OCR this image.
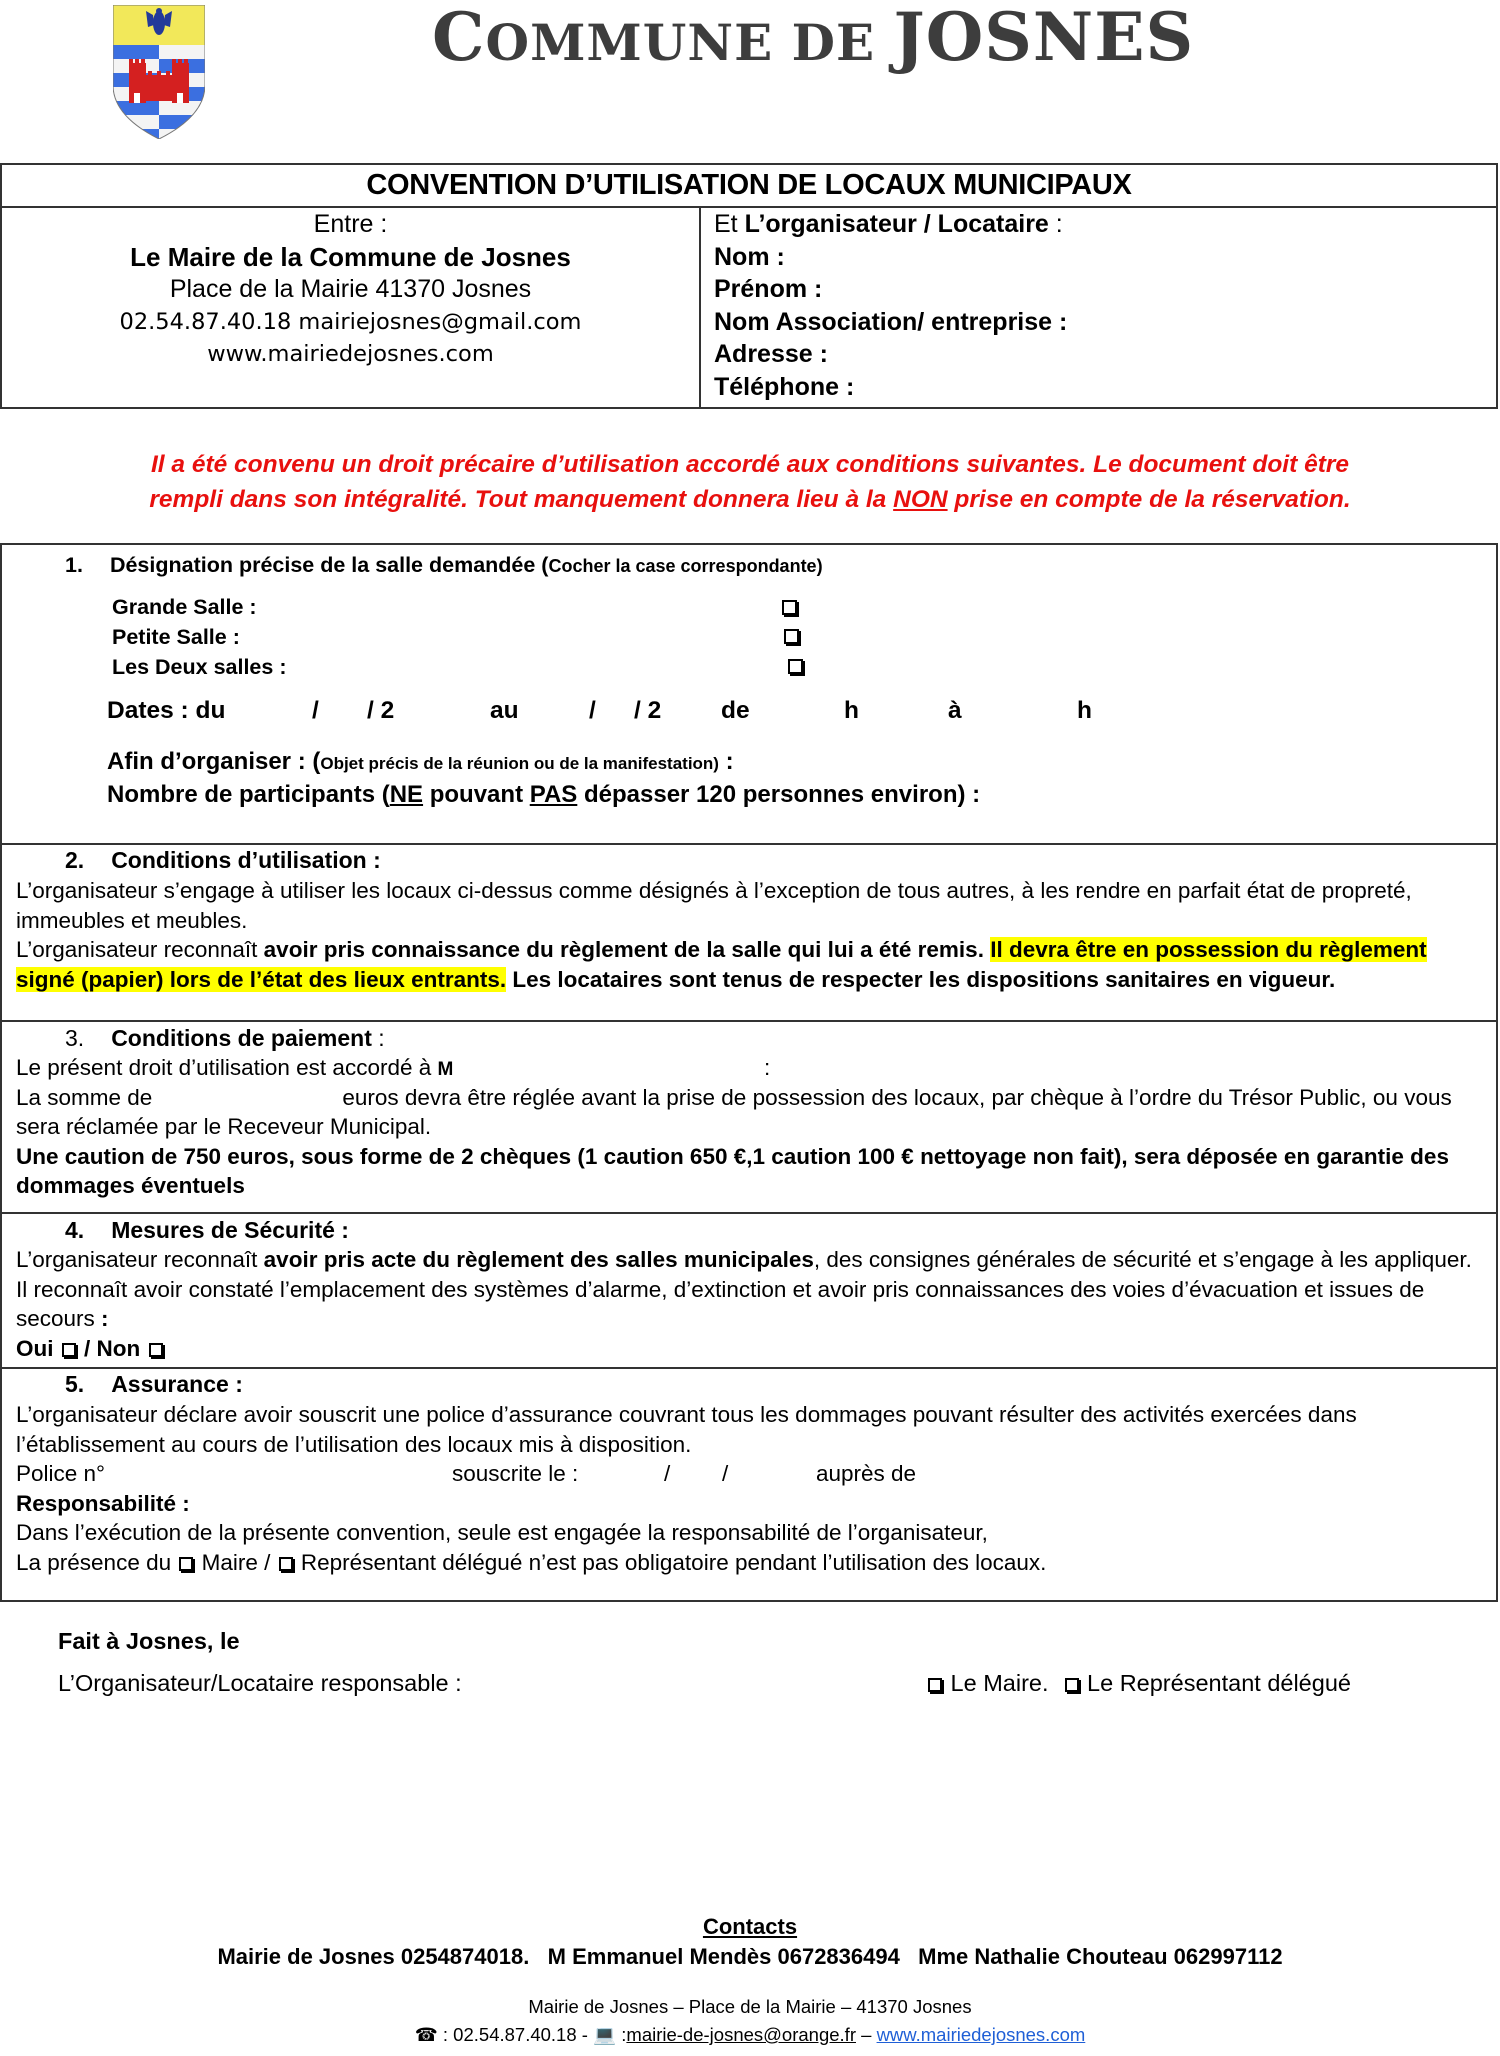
COMMUNE DE JOSNES
CONVENTION D’UTILISATION DE LOCAUX MUNICIPAUX
Entre :
Le Maire de la Commune de Josnes
Place de la Mairie 41370 Josnes
02.54.87.40.18 mairiejosnes@gmail.com
www.mairiedejosnes.com
Et L’organisateur / Locataire :
Nom :
Prénom :
Nom Association/ entreprise :
Adresse :
Téléphone :
Il a été convenu un droit précaire d’utilisation accordé aux conditions suivantes. Le document doit être
rempli dans son intégralité. Tout manquement donnera lieu à la NON prise en compte de la réservation.
1. Désignation précise de la salle demandée (Cocher la case correspondante)
Grande Salle :
Petite Salle :
Les Deux salles :
Dates : du	/ / 2	au	/ / 2 de	h	à	h
Afin d’organiser : (Objet précis de la réunion ou de la manifestation) :
Nombre de participants (NE pouvant PAS dépasser 120 personnes environ) :
2. Conditions d’utilisation :
L’organisateur s’engage à utiliser les locaux ci-dessus comme désignés à l’exception de tous autres, à les rendre en parfait état de propreté, immeubles et meubles.
L’organisateur reconnaît avoir pris connaissance du règlement de la salle qui lui a été remis. Il devra être en possession du règlement signé (papier) lors de l’état des lieux entrants. Les locataires sont tenus de respecter les dispositions sanitaires en vigueur.
3. Conditions de paiement :
Le présent droit d’utilisation est accordé à M	:
La somme de	euros devra être réglée avant la prise de possession des locaux, par chèque à l’ordre du Trésor Public, ou vous sera réclamée par le Receveur Municipal.
Une caution de 750 euros, sous forme de 2 chèques (1 caution 650 €,1 caution 100 € nettoyage non fait), sera déposée en garantie des dommages éventuels
4. Mesures de Sécurité :
L’organisateur reconnaît avoir pris acte du règlement des salles municipales, des consignes générales de sécurité et s’engage à les appliquer. Il reconnaît avoir constaté l’emplacement des systèmes d’alarme, d’extinction et avoir pris connaissances des voies d’évacuation et issues de secours :
Oui  / Non
5. Assurance :
L’organisateur déclare avoir souscrit une police d’assurance couvrant tous les dommages pouvant résulter des activités exercées dans l’établissement au cours de l’utilisation des locaux mis à disposition.
Police n°	souscrite le :	/ /	auprès de
Responsabilité :
Dans l’exécution de la présente convention, seule est engagée la responsabilité de l’organisateur,
La présence du  Maire /  Représentant délégué n’est pas obligatoire pendant l’utilisation des locaux.
Fait à Josnes, le
L’Organisateur/Locataire responsable :	Le Maire. Le Représentant délégué
Contacts
Mairie de Josnes 0254874018.   M Emmanuel Mendès 0672836494   Mme Nathalie Chouteau 062997112
Mairie de Josnes – Place de la Mairie – 41370 Josnes
☎ : 02.54.87.40.18 - 💻 :mairie-de-josnes@orange.fr – www.mairiedejosnes.com
